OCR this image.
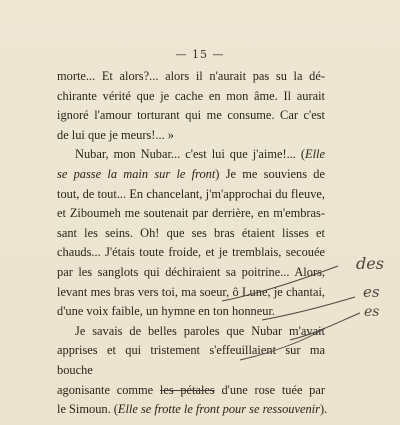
— 15 —
morte... Et alors?... alors il n'aurait pas su la dé-
chirante vérité que je cache en mon âme. Il aurait
ignoré l'amour torturant qui me consume. Car c'est
de lui que je meurs!... »
Nubar, mon Nubar... c'est lui que j'aime!... (Elle
se passe la main sur le front) Je me souviens de
tout, de tout... En chancelant, j'm'approchai du fleuve,
et Ziboumeh me soutenait par derrière, en m'embras-
sant les seins. Oh! que ses bras étaient lisses et
chauds... J'étais toute froide, et je tremblais, secouée
par les sanglots qui déchiraient sa poitrine... Alors,
levant mes bras vers toi, ma soeur, ô Lune, je chantai,
d'une voix faible, un hymne en ton honneur.
Je savais de belles paroles que Nubar m'avait
apprises et qui tristement s'effeuillaient sur ma bouche
agonisante comme les pétales d'une rose tuée par
le Simoun. (Elle se frotte le front pour se ressouvenir).
des
es
es
